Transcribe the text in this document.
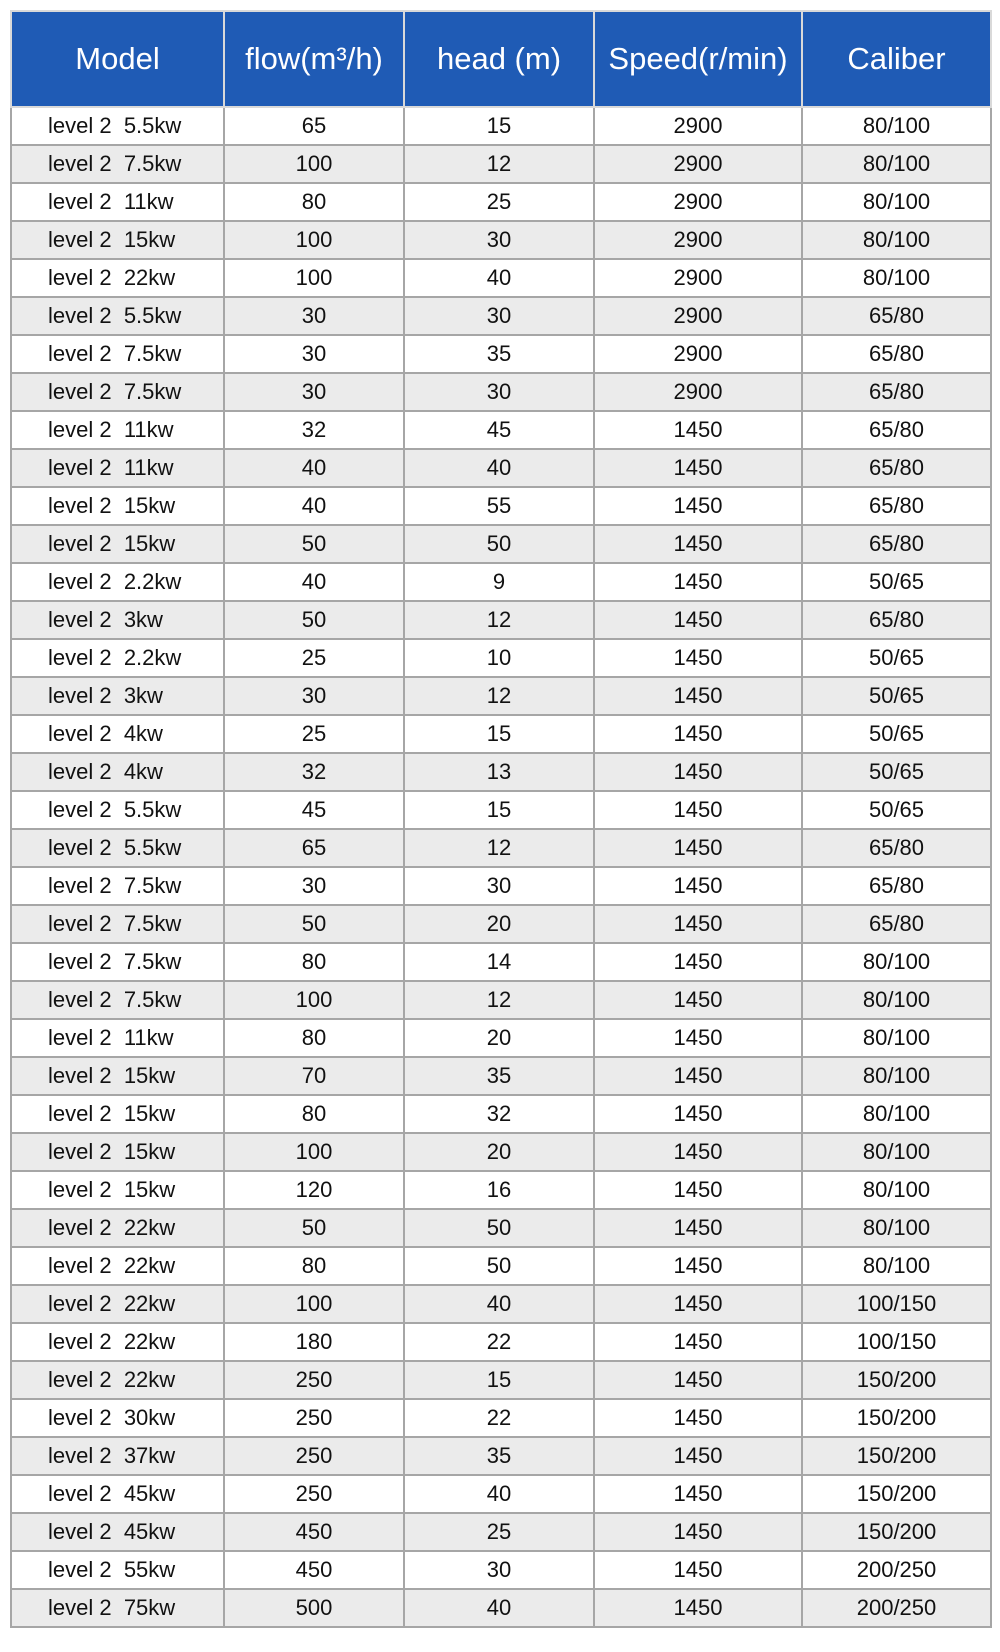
Model	flow(m³/h)	head (m)	Speed(r/min)	Caliber
level 2  5.5kw	65	15	2900	80/100
level 2  7.5kw	100	12	2900	80/100
level 2  11kw	80	25	2900	80/100
level 2  15kw	100	30	2900	80/100
level 2  22kw	100	40	2900	80/100
level 2  5.5kw	30	30	2900	65/80
level 2  7.5kw	30	35	2900	65/80
level 2  7.5kw	30	30	2900	65/80
level 2  11kw	32	45	1450	65/80
level 2  11kw	40	40	1450	65/80
level 2  15kw	40	55	1450	65/80
level 2  15kw	50	50	1450	65/80
level 2  2.2kw	40	9	1450	50/65
level 2  3kw	50	12	1450	65/80
level 2  2.2kw	25	10	1450	50/65
level 2  3kw	30	12	1450	50/65
level 2  4kw	25	15	1450	50/65
level 2  4kw	32	13	1450	50/65
level 2  5.5kw	45	15	1450	50/65
level 2  5.5kw	65	12	1450	65/80
level 2  7.5kw	30	30	1450	65/80
level 2  7.5kw	50	20	1450	65/80
level 2  7.5kw	80	14	1450	80/100
level 2  7.5kw	100	12	1450	80/100
level 2  11kw	80	20	1450	80/100
level 2  15kw	70	35	1450	80/100
level 2  15kw	80	32	1450	80/100
level 2  15kw	100	20	1450	80/100
level 2  15kw	120	16	1450	80/100
level 2  22kw	50	50	1450	80/100
level 2  22kw	80	50	1450	80/100
level 2  22kw	100	40	1450	100/150
level 2  22kw	180	22	1450	100/150
level 2  22kw	250	15	1450	150/200
level 2  30kw	250	22	1450	150/200
level 2  37kw	250	35	1450	150/200
level 2  45kw	250	40	1450	150/200
level 2  45kw	450	25	1450	150/200
level 2  55kw	450	30	1450	200/250
level 2  75kw	500	40	1450	200/250
